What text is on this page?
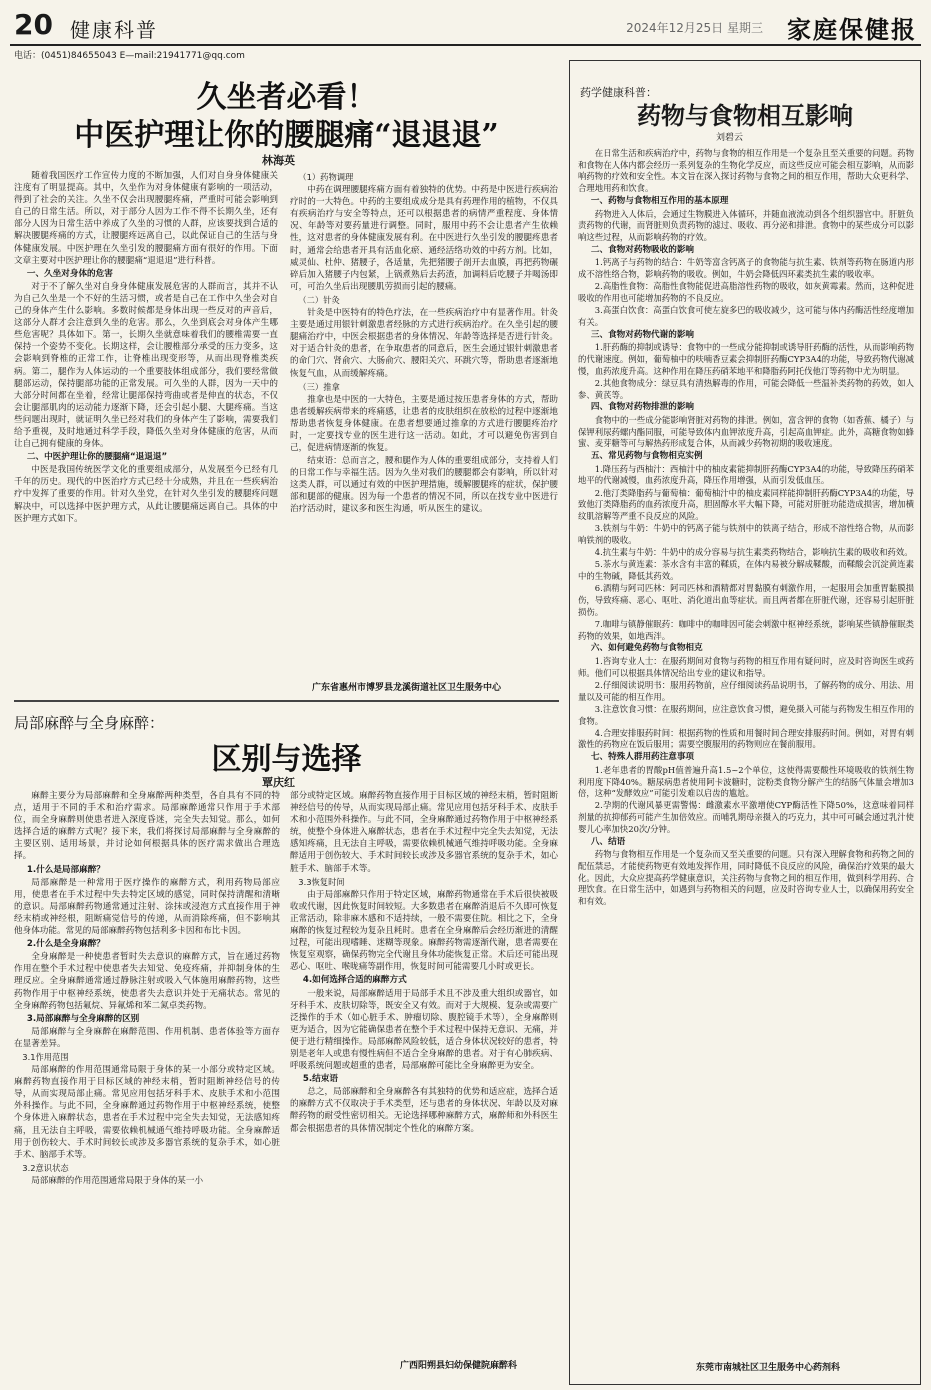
20 健康科普	2024年12月25日 星期三 家庭保健报
电话：(0451)84655043 E—mail:21941771@qq.com
久坐者必看！
中医护理让你的腰腿痛“退退退”
林海英

随着我国医疗工作宣传力度的不断加强，人们对自身身体健康关注度有了明显提高。其中，久坐作为对身体健康有影响的一项活动，得到了社会的关注。久坐不仅会出现腰腿疼痛，严重时可能会影响到自己的日常生活。所以，对于部分人因为工作不得不长期久坐，还有部分人因为日常生活中养成了久坐的习惯的人群，应该要找到合适的解决腰腿疼痛的方式，让腰腿疼远离自己，以此保证自己的生活与身体健康发展。中医护理在久坐引发的腰腿痛方面有很好的作用。下面文章主要对中医护理让你的腰腿痛“退退退”进行科普。

一、久坐对身体的危害

对于不了解久坐对自身身体健康发展危害的人群而言，其并不认为自己久坐是一个不好的生活习惯，或者是自己在工作中久坐会对自己的身体产生什么影响。多数时候都是身体出现一些反对的声音后，这部分人群才会注意到久坐的危害。那么，久坐到底会对身体产生哪些危害呢？具体如下。第一，长期久坐就意味着我们的腰椎需要一直保持一个姿势不变化。长期这样，会让腰椎部分承受的压力变多，这会影响到脊椎的正常工作，让脊椎出现变形等，从而出现脊椎类疾病。第二，腿作为人体运动的一个重要肢体组成部分，我们要经常做腿部运动，保持腿部功能的正常发展。可久坐的人群，因为一天中的大部分时间都在坐着，经常让腿部保持弯曲或者是伸直的状态，不仅会让腿部肌肉的运动能力逐渐下降，还会引起小腿、大腿疼痛。当这些问题出现时，就证明久坐已经对我们的身体产生了影响，需要我们给予重视，及时地通过科学手段，降低久坐对身体健康的危害，从而让自己拥有健康的身体。

二、中医护理让你的腰腿痛“退退退”

中医是我国传统医学文化的重要组成部分，从发展至今已经有几千年的历史。现代的中医治疗方式已经十分成熟，并且在一些疾病治疗中发挥了重要的作用。针对久坐党，在针对久坐引发的腰腿疼问题解决中，可以选择中医护理方式，从此让腰腿痛远离自己。具体的中医护理方式如下。

（1）药物调理

中药在调理腰腿疼痛方面有着独特的优势。中药是中医进行疾病治疗时的一大特色。中药的主要组成成分是具有药理作用的植物，不仅具有疾病治疗与安全等特点，还可以根据患者的病情严重程度、身体情况、年龄等对要药量进行调整。同时，服用中药不会让患者产生依赖性，这对患者的身体健康发展有利。在中医进行久坐引发的腰腿疼患者时，通常会给患者开具有活血化瘀、通经活络功效的中药方剂。比如，威灵仙、杜仲、猪腰子，各适量，先把猪腰子剖开去血膜，再把药物碾碎后加入猪腰子内包紧，上锅煮熟后去药渣，加调料后吃腰子并喝汤即可，可治久坐后出现腰肌劳损而引起的腰痛。

（二）针灸

针灸是中医特有的特色疗法，在一些疾病治疗中有显著作用。针灸主要是通过用银针刺激患者经脉的方式进行疾病治疗。在久坐引起的腰腿痛治疗中，中医会根据患者的身体情况、年龄等选择是否进行针灸。对于适合针灸的患者，在争取患者的同意后，医生会通过银针刺激患者的命门穴、肾俞穴、大肠俞穴、腰阳关穴、环跳穴等，帮助患者逐渐地恢复气血，从而缓解疼痛。

（三）推拿

推拿也是中医的一大特色，主要是通过按压患者身体的方式，帮助患者缓解疾病带来的疼痛感，让患者的皮肤组织在放松的过程中逐渐地帮助患者恢复身体健康。在患者想要通过推拿的方式进行腰腿疼治疗时，一定要找专业的医生进行这一活动。如此，才可以避免伤害到自己，促进病情逐渐的恢复。

结束语：总而言之，腰和腿作为人体的重要组成部分，支持着人们的日常工作与幸福生活。因为久坐对我们的腰腿都会有影响，所以针对这类人群，可以通过有效的中医护理措施，缓解腰腿疼的症状，保护腰部和腿部的健康。因为每一个患者的情况不同，所以在找专业中医进行治疗活动时，建议多和医生沟通，听从医生的建议。

广东省惠州市博罗县龙溪街道社区卫生服务中心
局部麻醉与全身麻醉：
区别与选择
覃庆红

麻醉主要分为局部麻醉和全身麻醉两种类型，各自具有不同的特点，适用于不同的手术和治疗需求。局部麻醉通常只作用于手术部位，而全身麻醉则使患者进入深度昏迷，完全失去知觉。那么，如何选择合适的麻醉方式呢？接下来，我们将探讨局部麻醉与全身麻醉的主要区别、适用场景，并讨论如何根据具体的医疗需求做出合理选择。

1.什么是局部麻醉？

局部麻醉是一种常用于医疗操作的麻醉方式，利用药物局部应用，使患者在手术过程中失去特定区域的感觉，同时保持清醒和清晰的意识。局部麻醉药物通常通过注射、涂抹或浸泡方式直接作用于神经末梢或神经根，阻断痛觉信号的传递，从而消除疼痛，但不影响其他身体功能。常见的局部麻醉药物包括利多卡因和布比卡因。

2.什么是全身麻醉？

全身麻醉是一种使患者暂时失去意识的麻醉方式，旨在通过药物作用在整个手术过程中使患者失去知觉、免疫疼痛，并抑制身体的生理反应。全身麻醉通常通过静脉注射或吸入气体施用麻醉药物，这些药物作用于中枢神经系统，使患者失去意识并处于无痛状态。常见的全身麻醉药物包括氟烷、异氟烯和苯二氮卓类药物。

3.局部麻醉与全身麻醉的区别

局部麻醉与全身麻醉在麻醉范围、作用机制、患者体验等方面存在显著差异。

3.1作用范围

局部麻醉的作用范围通常局限于身体的某一小部分或特定区域。麻醉药物直接作用于目标区域的神经末梢，暂时阻断神经信号的传导，从而实现局部止痛。常见应用包括牙科手术、皮肤手术和小范围外科操作。与此不同，全身麻醉通过药物作用于中枢神经系统，使整个身体进入麻醉状态，患者在手术过程中完全失去知觉，无法感知疼痛，且无法自主呼吸，需要依赖机械通气维持呼吸功能。全身麻醉适用于创伤较大、手术时间较长或涉及多器官系统的复杂手术，如心脏手术、脑部手术等。

3.2意识状态

局部麻醉的作用范围通常局限于身体的某一小

部分或特定区域。麻醉药物直接作用于目标区域的神经末梢，暂时阻断神经信号的传导，从而实现局部止痛。常见应用包括牙科手术、皮肤手术和小范围外科操作。与此不同，全身麻醉通过药物作用于中枢神经系统，使整个身体进入麻醉状态，患者在手术过程中完全失去知觉，无法感知疼痛，且无法自主呼吸，需要依赖机械通气维持呼吸功能。全身麻醉适用于创伤较大、手术时间较长或涉及多器官系统的复杂手术，如心脏手术、脑部手术等。

3.3恢复时间

由于局部麻醉只作用于特定区域，麻醉药物通常在手术后很快被吸收或代谢，因此恢复时间较短。大多数患者在麻醉消退后不久即可恢复正常活动，除非麻木感和不适持续，一般不需要住院。相比之下，全身麻醉的恢复过程较为复杂且耗时。患者在全身麻醉后会经历渐进的清醒过程，可能出现嗜睡、迷糊等现象。麻醉药物需逐渐代谢，患者需要在恢复室观察，确保药物完全代谢且身体功能恢复正常。术后还可能出现恶心、呕吐、喉咙痛等副作用，恢复时间可能需要几小时或更长。

4.如何选择合适的麻醉方式

一般来说，局部麻醉适用于局部手术且不涉及重大组织或器官，如牙科手术、皮肤切除等，既安全又有效。而对于大规模、复杂或需要广泛操作的手术（如心脏手术、肿瘤切除、腹腔镜手术等），全身麻醉则更为适合，因为它能确保患者在整个手术过程中保持无意识、无痛，并便于进行精细操作。局部麻醉风险较低，适合身体状况较好的患者，特别是老年人或患有慢性病但不适合全身麻醉的患者。对于有心肺疾病、呼吸系统问题或超重的患者，局部麻醉可能比全身麻醉更为安全。

5.结束语

总之，局部麻醉和全身麻醉各有其独特的优势和适应症，选择合适的麻醉方式不仅取决于手术类型，还与患者的身体状况、年龄以及对麻醉药物的耐受性密切相关。无论选择哪种麻醉方式，麻醉师和外科医生都会根据患者的具体情况制定个性化的麻醉方案。

广西阳朔县妇幼保健院麻醉科
药学健康科普：
药物与食物相互影响
刘碧云

在日常生活和疾病治疗中，药物与食物的相互作用是一个复杂且至关重要的问题。药物和食物在人体内都会经历一系列复杂的生物化学反应，而这些反应可能会相互影响，从而影响药物的疗效和安全性。本文旨在深入探讨药物与食物之间的相互作用，帮助大众更科学、合理地用药和饮食。

一、药物与食物相互作用的基本原理

药物进入人体后，会通过生物膜进入体循环，并随血液流动到各个组织器官中。肝脏负责药物的代谢，而肾脏则负责药物的滤过、吸收、再分泌和排泄。食物中的某些成分可以影响这些过程，从而影响药物的疗效。

二、食物对药物吸收的影响

1.钙离子与药物的结合：牛奶等富含钙离子的食物能与抗生素、铁剂等药物在肠道内形成不溶性络合物，影响药物的吸收。例如，牛奶会降低四环素类抗生素的吸收率。

2.高脂性食物：高脂性食物能促进高脂溶性药物的吸收，如灰黄霉素。然而，这种促进吸收的作用也可能增加药物的不良反应。

3.高蛋白饮食：高蛋白饮食可使左旋多巴的吸收减少，这可能与体内药酶活性经度增加有关。

三、食物对药物代谢的影响

1.肝药酶的抑制或诱导：食物中的一些成分能抑制或诱导肝药酶的活性，从而影响药物的代谢速度。例如，葡萄柚中的呋喃香豆素会抑制肝药酶CYP3A4的功能，导致药物代谢减慢，血药浓度升高。这种作用在降压药硝苯地平和降脂药阿托伐他汀等药物中尤为明显。

2.其他食物成分：绿豆具有清热解毒的作用，可能会降低一些温补类药物的药效，如人参、黄芪等。

四、食物对药物排泄的影响

食物中的一些成分能影响肾脏对药物的排泄。例如，富含钾的食物（如香蕉、橘子）与保钾利尿药螺内酯同服，可能导致体内血钾浓度升高，引起高血钾症。此外，高糖食物如蜂蜜、麦芽糖等可与解热药形成复合体，从而减少药物初期的吸收速度。

五、常见药物与食物相克实例

1.降压药与西柚汁：西柚汁中的柚皮素能抑制肝药酶CYP3A4的功能，导致降压药硝苯地平的代谢减慢，血药浓度升高，降压作用增强，从而引发低血压。

2.他汀类降脂药与葡萄柚：葡萄柚汁中的柚皮素同样能抑制肝药酶CYP3A4的功能，导致他汀类降脂药的血药浓度升高，胆固醇水平大幅下降，可能对肝脏功能造成损害，增加横纹肌溶解等严重不良反应的风险。

3.铁剂与牛奶：牛奶中的钙离子能与铁剂中的铁离子结合，形成不溶性络合物，从而影响铁剂的吸收。

4.抗生素与牛奶：牛奶中的成分容易与抗生素类药物结合，影响抗生素的吸收和药效。

5.茶水与黄连素：茶水含有丰富的鞣质，在体内易被分解成鞣酸，而鞣酸会沉淀黄连素中的生物碱，降低其药效。

6.酒精与阿司匹林：阿司匹林和酒精都对胃黏膜有刺激作用，一起服用会加重胃黏膜损伤，导致疼痛、恶心、呕吐、消化道出血等症状。而且两者都在肝脏代谢，还容易引起肝脏损伤。

7.咖啡与镇静催眠药：咖啡中的咖啡因可能会刺激中枢神经系统，影响某些镇静催眠类药物的效果，如地西泮。

六、如何避免药物与食物相克

1.咨询专业人士：在服药期间对食物与药物的相互作用有疑问时，应及时咨询医生或药师。他们可以根据具体情况给出专业的建议和指导。

2.仔细阅读说明书：服用药物前，应仔细阅读药品说明书，了解药物的成分、用法、用量以及可能的相互作用。

3.注意饮食习惯：在服药期间，应注意饮食习惯，避免摄入可能与药物发生相互作用的食物。

4.合理安排服药时间：根据药物的性质和用餐时间合理安排服药时间。例如，对胃有刺激性的药物应在饭后服用；需要空腹服用的药物则应在餐前服用。

七、特殊人群用药注意事项

1.老年患者的胃酸pH值普遍升高1.5~2个单位，这使得需要酸性环境吸收的铁剂生物利用度下降40%。糖尿病患者使用阿卡波糖时，淀粉类食物分解产生的结肠气体量会增加3倍，这种“发酵效应”可能引发难以启齿的尴尬。

2.孕期的代谢风暴更需警惕：雌激素水平激增使CYP酶活性下降50%，这意味着同样剂量的抗抑郁药可能产生加倍效应。而哺乳期母亲摄入的巧克力，其中可可碱会通过乳汁使婴儿心率加快20次/分钟。

八、结语

药物与食物相互作用是一个复杂而又至关重要的问题。只有深入理解食物和药物之间的配伍禁忌，才能使药物更有效地发挥作用，同时降低不良反应的风险，确保治疗效果的最大化。因此，大众应提高药学健康意识，关注药物与食物之间的相互作用，做到科学用药、合理饮食。在日常生活中，如遇到与药物相关的问题，应及时咨询专业人士，以确保用药安全和有效。

东莞市南城社区卫生服务中心药剂科
